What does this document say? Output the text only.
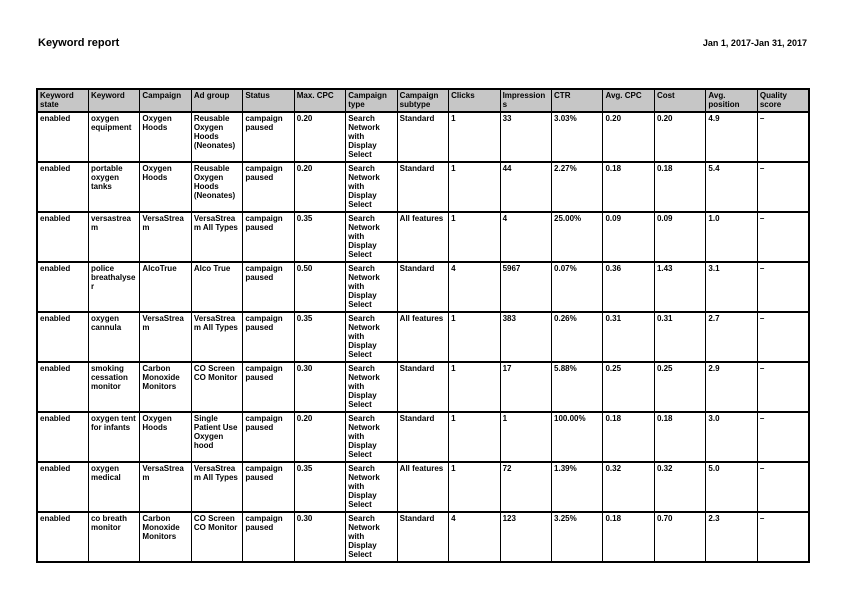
Keyword report	Jan 1, 2017-Jan 31, 2017
Keyword state	Keyword	Campaign	Ad group	Status	Max. CPC	Campaign type	Campaign subtype	Clicks	Impressions	CTR	Avg. CPC	Cost	Avg. position	Quality score
enabled	oxygen equipment	Oxygen Hoods	Reusable Oxygen Hoods (Neonates)	campaign paused	0.20	Search Network with Display Select	Standard	1	33	3.03%	0.20	0.20	4.9	–
enabled	portable oxygen tanks	Oxygen Hoods	Reusable Oxygen Hoods (Neonates)	campaign paused	0.20	Search Network with Display Select	Standard	1	44	2.27%	0.18	0.18	5.4	–
enabled	versastream	VersaStream	VersaStream All Types	campaign paused	0.35	Search Network with Display Select	All features	1	4	25.00%	0.09	0.09	1.0	–
enabled	police breathalyser	AlcoTrue	Alco True	campaign paused	0.50	Search Network with Display Select	Standard	4	5967	0.07%	0.36	1.43	3.1	–
enabled	oxygen cannula	VersaStream	VersaStream All Types	campaign paused	0.35	Search Network with Display Select	All features	1	383	0.26%	0.31	0.31	2.7	–
enabled	smoking cessation monitor	Carbon Monoxide Monitors	CO Screen CO Monitor	campaign paused	0.30	Search Network with Display Select	Standard	1	17	5.88%	0.25	0.25	2.9	–
enabled	oxygen tent for infants	Oxygen Hoods	Single Patient Use Oxygen hood	campaign paused	0.20	Search Network with Display Select	Standard	1	1	100.00%	0.18	0.18	3.0	–
enabled	oxygen medical	VersaStream	VersaStream All Types	campaign paused	0.35	Search Network with Display Select	All features	1	72	1.39%	0.32	0.32	5.0	–
enabled	co breath monitor	Carbon Monoxide Monitors	CO Screen CO Monitor	campaign paused	0.30	Search Network with Display Select	Standard	4	123	3.25%	0.18	0.70	2.3	–
